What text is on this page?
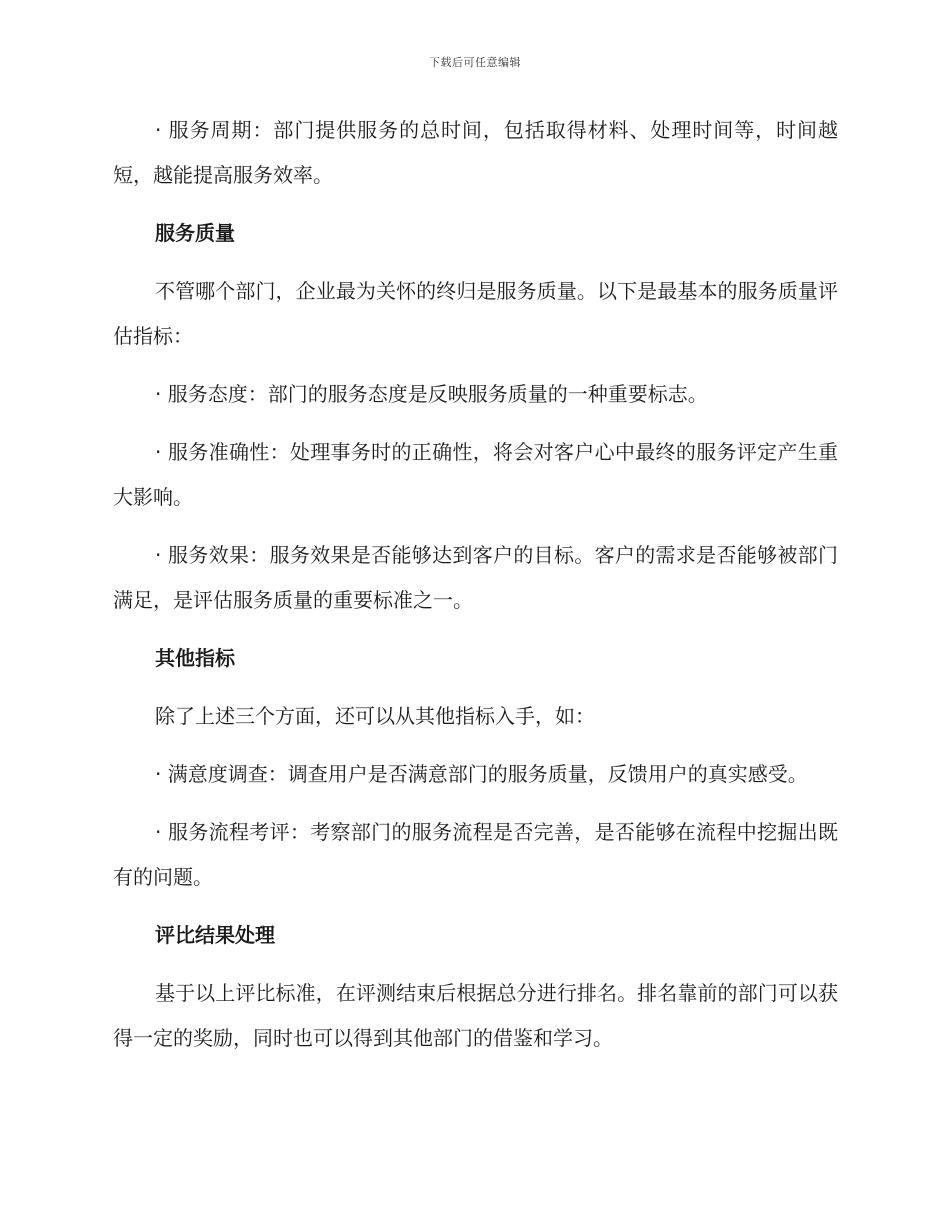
下载后可任意编辑

· 服务周期：部门提供服务的总时间，包括取得材料、处理时间等，时间越短，越能提高服务效率。

服务质量

不管哪个部门，企业最为关怀的终归是服务质量。以下是最基本的服务质量评估指标：

· 服务态度：部门的服务态度是反映服务质量的一种重要标志。

· 服务准确性：处理事务时的正确性，将会对客户心中最终的服务评定产生重大影响。

· 服务效果：服务效果是否能够达到客户的目标。客户的需求是否能够被部门满足，是评估服务质量的重要标准之一。

其他指标

除了上述三个方面，还可以从其他指标入手，如：

· 满意度调查：调查用户是否满意部门的服务质量，反馈用户的真实感受。

· 服务流程考评：考察部门的服务流程是否完善，是否能够在流程中挖掘出既有的问题。

评比结果处理

基于以上评比标准，在评测结束后根据总分进行排名。排名靠前的部门可以获得一定的奖励，同时也可以得到其他部门的借鉴和学习。
